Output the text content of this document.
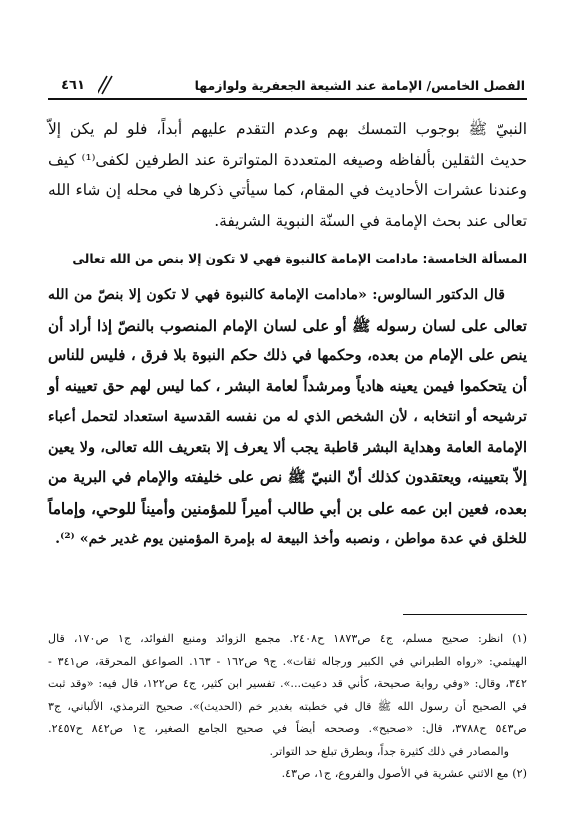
الفصل الخامس/ الإمامة عند الشيعة الجعفرية ولوازمها
٤٦١
النبيّ ﷺ بوجوب التمسك بهم وعدم التقدم عليهم أبداً، فلو لم يكن إلاّ
حديث الثقلين بألفاظه وصيغه المتعددة المتواترة عند الطرفين لكفى⁽¹⁾ كيف
وعندنا عشرات الأحاديث في المقام، كما سيأتي ذكرها في محله إن شاء الله
تعالى عند بحث الإمامة في السنّة النبوية الشريفة.
المسألة الخامسة: مادامت الإمامة كالنبوة فهي لا تكون إلا بنص من الله تعالى
قال الدكتور السالوس: «مادامت الإمامة كالنبوة فهي لا تكون إلا بنصّ من الله
تعالى على لسان رسوله ﷺ أو على لسان الإمام المنصوب بالنصّ إذا أراد أن
ينص على الإمام من بعده، وحكمها في ذلك حكم النبوة بلا فرق ، فليس للناس
أن يتحكموا فيمن يعينه هادياً ومرشداً لعامة البشر ، كما ليس لهم حق تعيينه أو
ترشيحه أو انتخابه ، لأن الشخص الذي له من نفسه القدسية استعداد لتحمل أعباء
الإمامة العامة وهداية البشر قاطبة يجب ألا يعرف إلا بتعريف الله تعالى، ولا يعين
إلاّ بتعيينه، ويعتقدون كذلك أنّ النبيّ ﷺ نص على خليفته والإمام في البرية من
بعده، فعين ابن عمه على بن أبي طالب أميراً للمؤمنين وأميناً للوحي، وإماماً
للخلق في عدة مواطن ، ونصبه وأخذ البيعة له بإمرة المؤمنين يوم غدير خم» ⁽²⁾.
(١) انظر: صحيح مسلم، ج٤ ص١٨٧٣ ح٢٤٠٨. مجمع الزوائد ومنبع الفوائد، ج١ ص١٧٠، قال
الهيثمي: «رواه الطبراني في الكبير ورجاله ثقات». ج٩ ص١٦٢ - ١٦٣. الصواعق المحرقة، ص٣٤١ -
٣٤٢، وقال: «وفي رواية صحيحة، كأني قد دعيت...». تفسير ابن كثير، ج٤ ص١٢٢، قال فيه: «وقد ثبت
في الصحيح أن رسول الله ﷺ قال في خطبته بغدير خم (الحديث)». صحيح الترمذي، الألباني، ج٣
ص٥٤٣ ح٣٧٨٨، قال: «صحيح». وصححه أيضاً في صحيح الجامع الصغير، ج١ ص٨٤٢ ح٢٤٥٧.
والمصادر في ذلك كثيرة جداً، وبطرق تبلغ حد التواتر.
(٢) مع الاثني عشرية في الأصول والفروع، ج١، ص٤٣.
